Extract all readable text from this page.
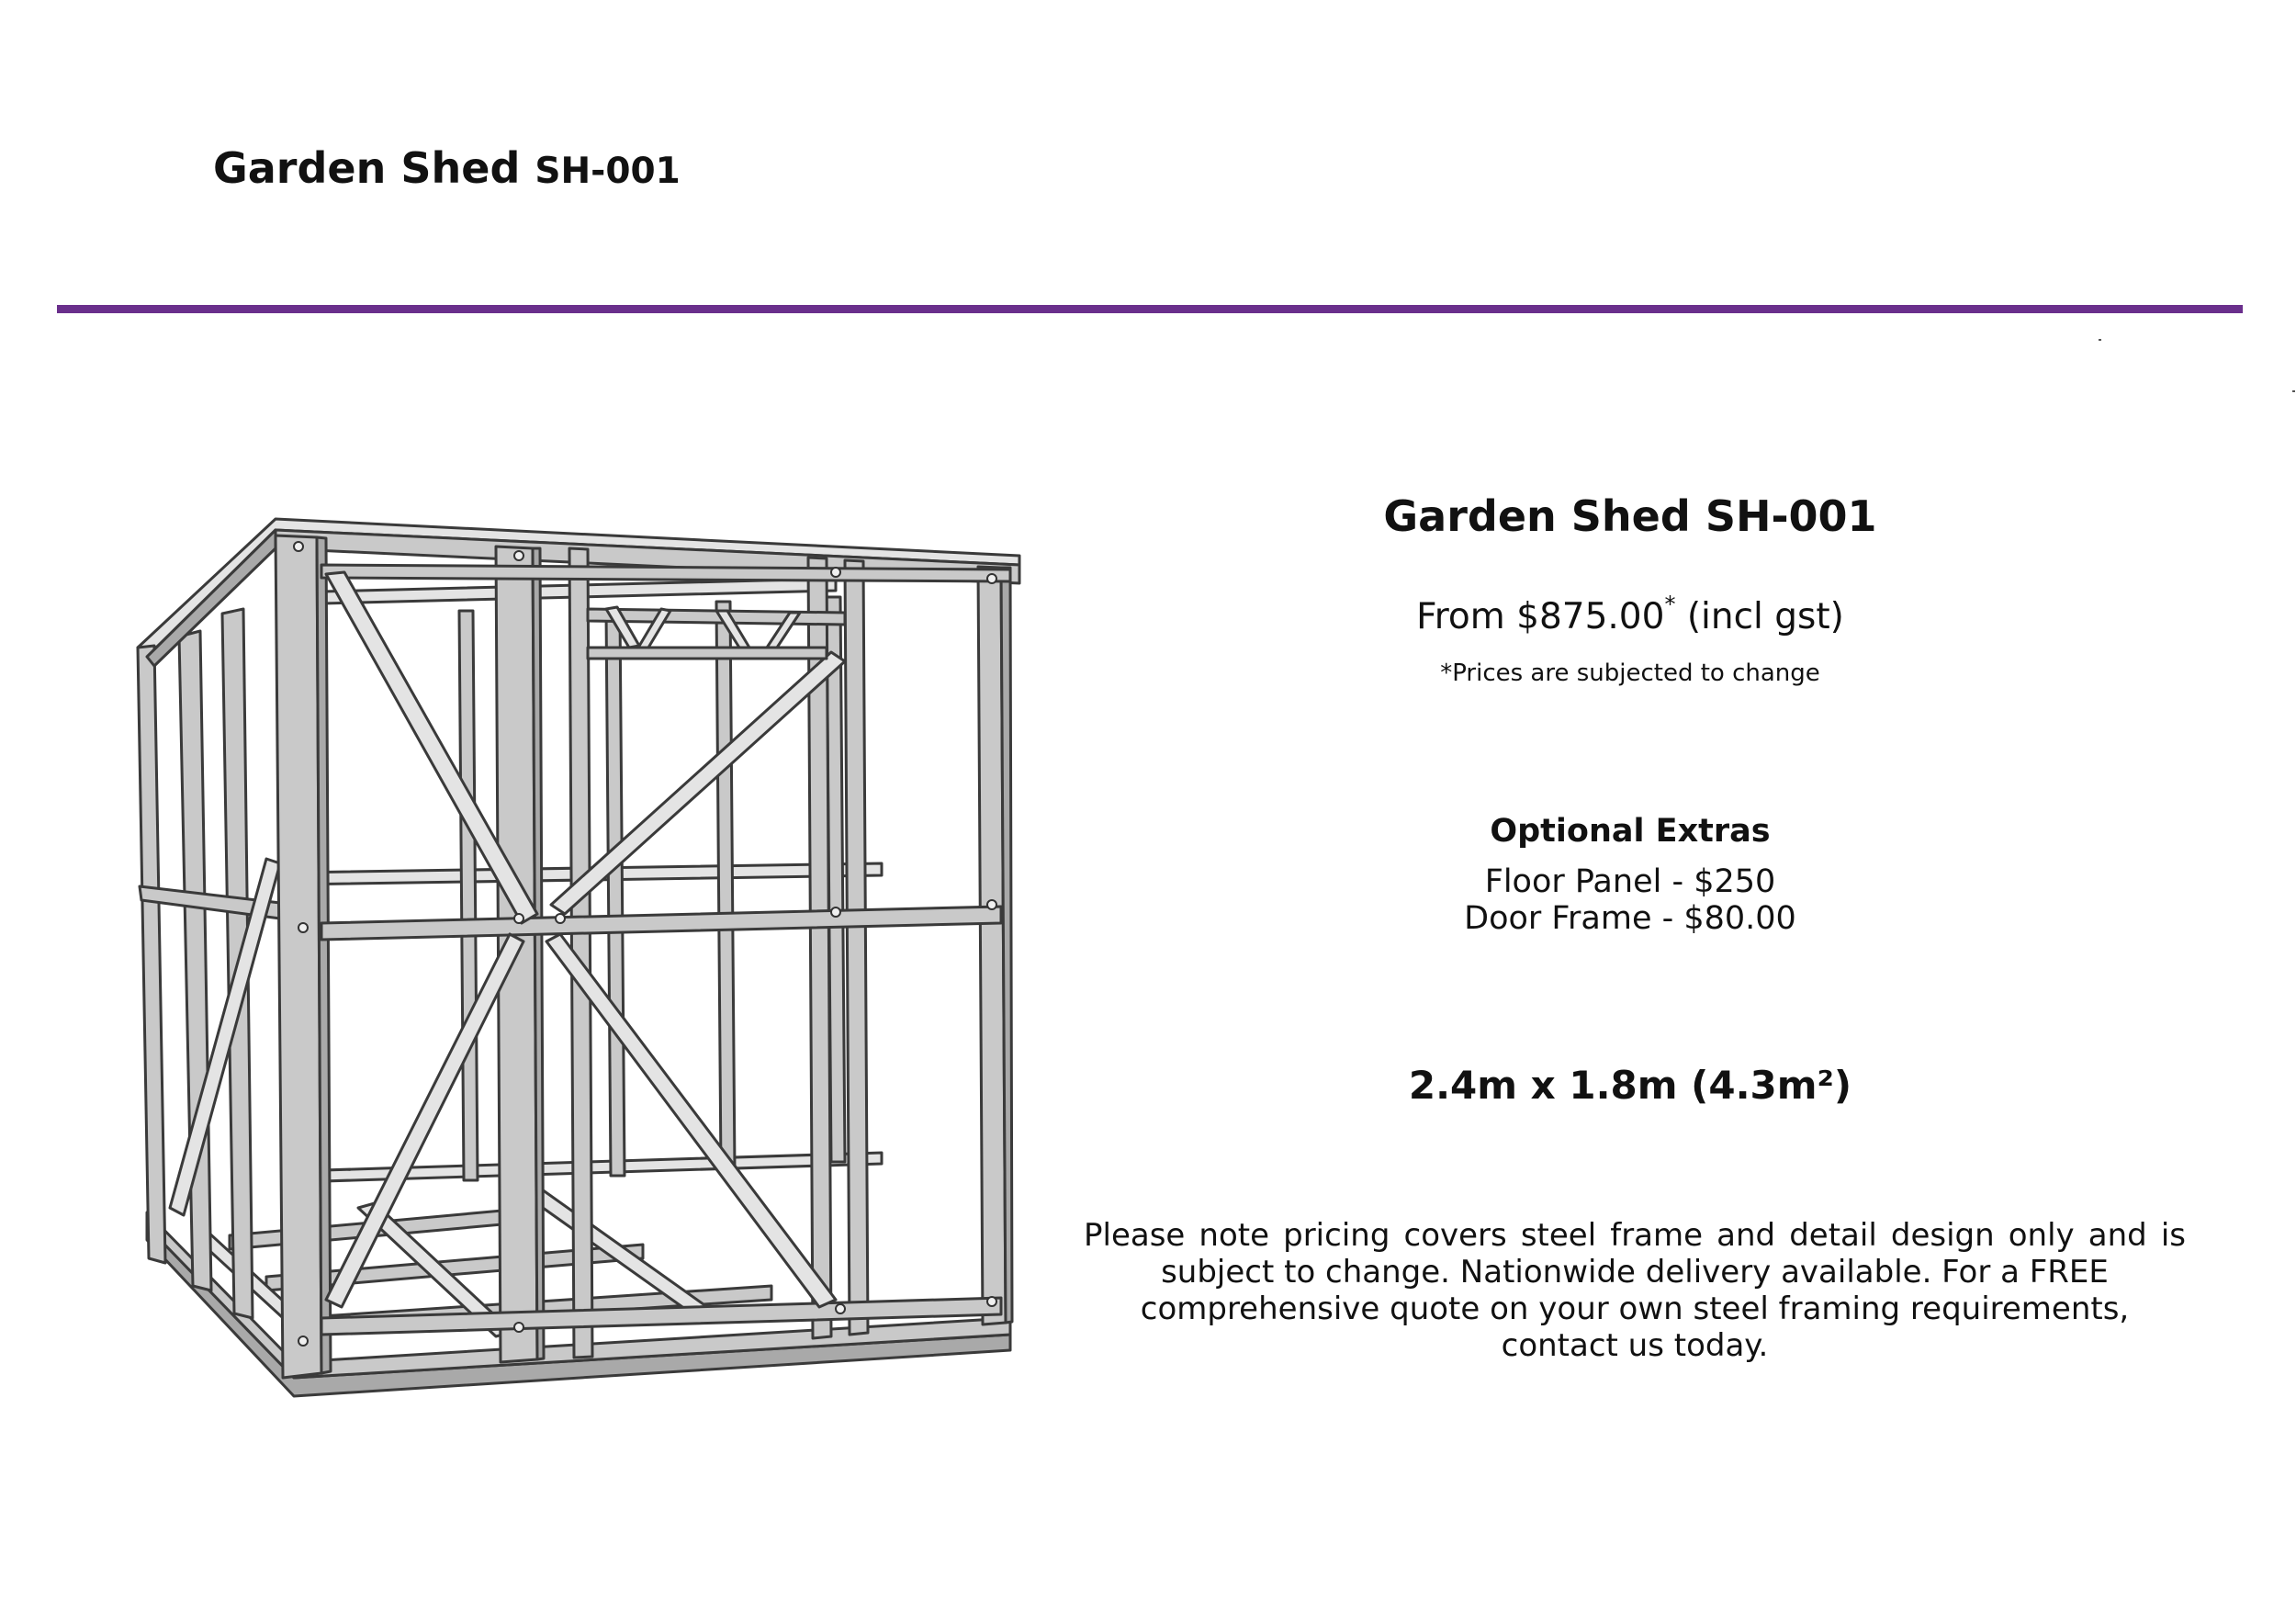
Garden Shed SH-001
Garden Shed SH-001
From $875.00* (incl gst)
*Prices are subjected to change
Optional Extras
Floor Panel - $250
Door Frame - $80.00
2.4m x 1.8m (4.3m²)
Please note pricing covers steel frame and detail design only and is
subject to change. Nationwide delivery available. For a FREE comprehensive quote on your own steel framing requirements, contact us today.
